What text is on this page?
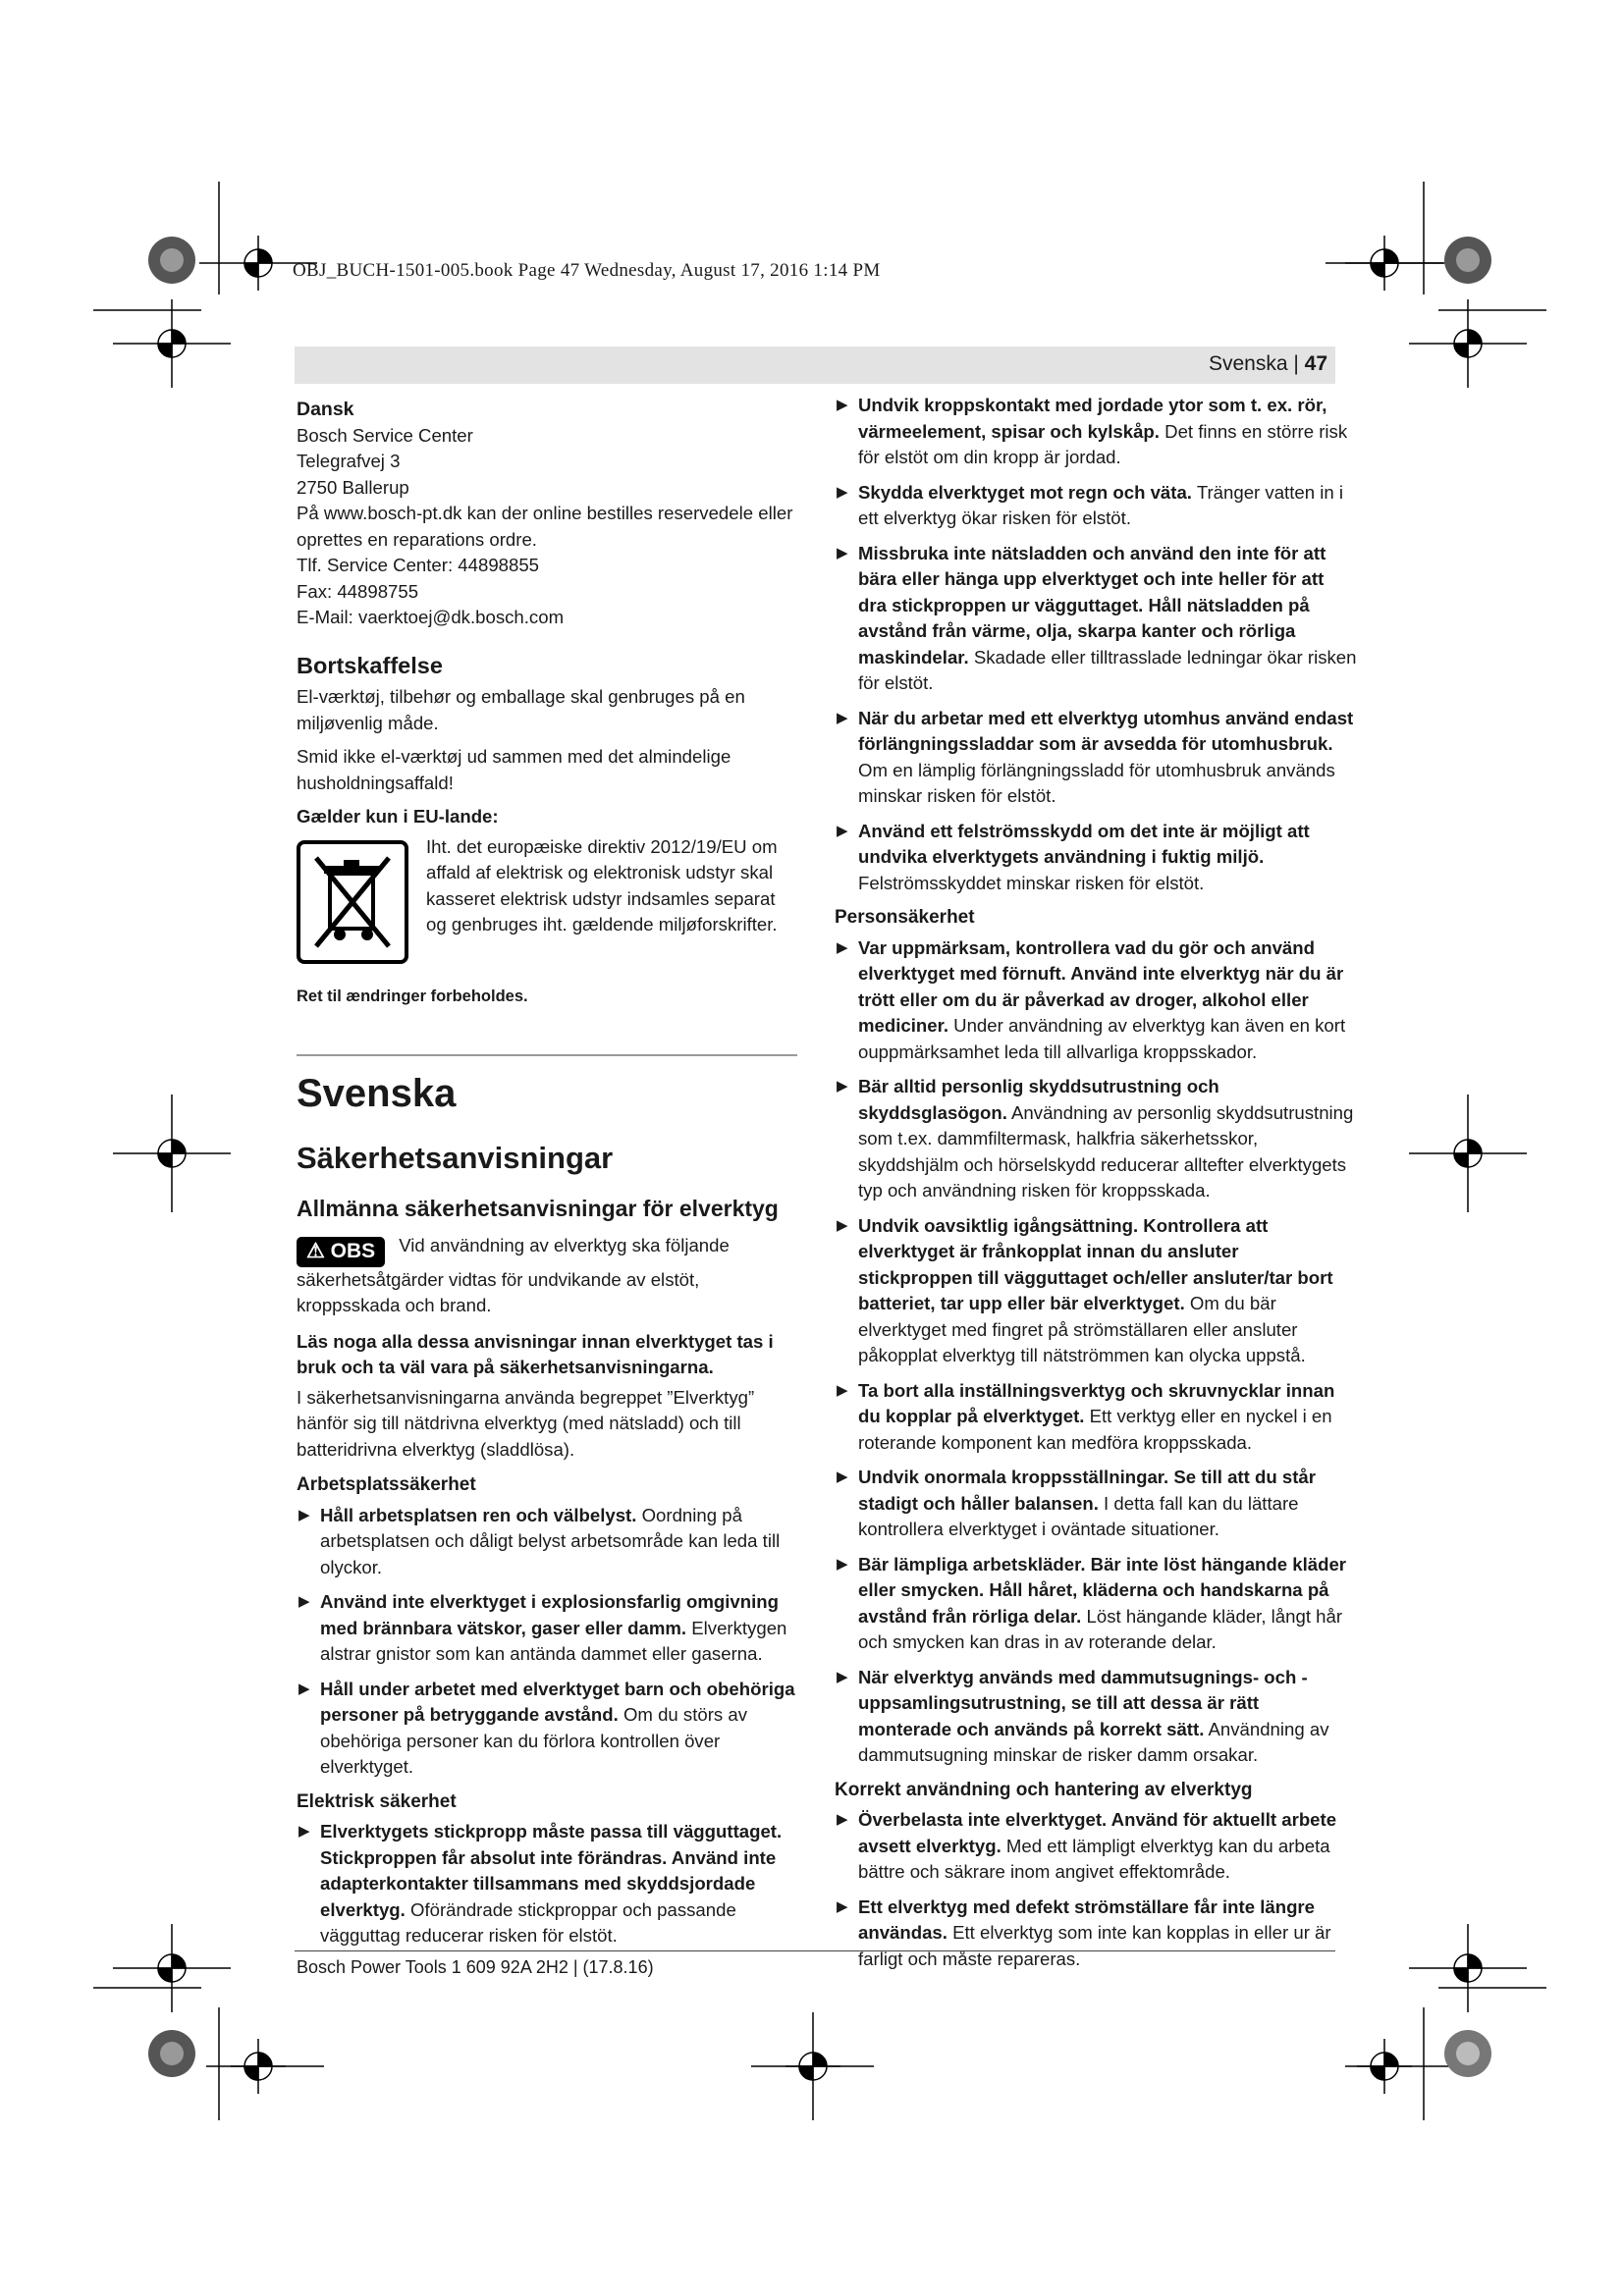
OBJ_BUCH-1501-005.book Page 47 Wednesday, August 17, 2016 1:14 PM
Svenska | 47

Dansk

Bosch Service Center

Telegrafvej 3

2750 Ballerup

På www.bosch-pt.dk kan der online bestilles reservedele eller oprettes en reparations ordre.

Tlf. Service Center: 44898855

Fax: 44898755

E-Mail: vaerktoej@dk.bosch.com

Bortskaffelse

El-værktøj, tilbehør og emballage skal genbruges på en miljøvenlig måde.

Smid ikke el-værktøj ud sammen med det almindelige husholdningsaffald!

Gælder kun i EU-lande:

Iht. det europæiske direktiv 2012/19/EU om affald af elektrisk og elektronisk udstyr skal kasseret elektrisk udstyr indsamles separat og genbruges iht. gældende miljøforskrifter.

Ret til ændringer forbeholdes.

Svenska

Säkerhetsanvisningar

Allmänna säkerhetsanvisningar för elverktyg

⚠ OBS Vid användning av elverktyg ska följande säkerhetsåtgärder vidtas för undvikande av elstöt, kroppsskada och brand.

Läs noga alla dessa anvisningar innan elverktyget tas i bruk och ta väl vara på säkerhetsanvisningarna.

I säkerhetsanvisningarna använda begreppet ”Elverktyg” hänför sig till nätdrivna elverktyg (med nätsladd) och till batteridrivna elverktyg (sladdlösa).

Arbetsplatssäkerhet

▶ Håll arbetsplatsen ren och välbelyst. Oordning på arbetsplatsen och dåligt belyst arbetsområde kan leda till olyckor.
▶ Använd inte elverktyget i explosionsfarlig omgivning med brännbara vätskor, gaser eller damm. Elverktygen alstrar gnistor som kan antända dammet eller gaserna.
▶ Håll under arbetet med elverktyget barn och obehöriga personer på betryggande avstånd. Om du störs av obehöriga personer kan du förlora kontrollen över elverktyget.

Elektrisk säkerhet

▶ Elverktygets stickpropp måste passa till vägguttaget. Stickproppen får absolut inte förändras. Använd inte adapterkontakter tillsammans med skyddsjordade elverktyg. Oförändrade stickproppar och passande vägguttag reducerar risken för elstöt.
▶ Undvik kroppskontakt med jordade ytor som t. ex. rör, värmeelement, spisar och kylskåp. Det finns en större risk för elstöt om din kropp är jordad.
▶ Skydda elverktyget mot regn och väta. Tränger vatten in i ett elverktyg ökar risken för elstöt.
▶ Missbruka inte nätsladden och använd den inte för att bära eller hänga upp elverktyget och inte heller för att dra stickproppen ur vägguttaget. Håll nätsladden på avstånd från värme, olja, skarpa kanter och rörliga maskindelar. Skadade eller tilltrasslade ledningar ökar risken för elstöt.
▶ När du arbetar med ett elverktyg utomhus använd endast förlängningssladdar som är avsedda för utomhusbruk. Om en lämplig förlängningssladd för utomhusbruk används minskar risken för elstöt.
▶ Använd ett felströmsskydd om det inte är möjligt att undvika elverktygets användning i fuktig miljö. Felströmsskyddet minskar risken för elstöt.

Personsäkerhet

▶ Var uppmärksam, kontrollera vad du gör och använd elverktyget med förnuft. Använd inte elverktyg när du är trött eller om du är påverkad av droger, alkohol eller mediciner. Under användning av elverktyg kan även en kort ouppmärksamhet leda till allvarliga kroppsskador.
▶ Bär alltid personlig skyddsutrustning och skyddsglasögon. Användning av personlig skyddsutrustning som t.ex. dammfiltermask, halkfria säkerhetsskor, skyddshjälm och hörselskydd reducerar alltefter elverktygets typ och användning risken för kroppsskada.
▶ Undvik oavsiktlig igångsättning. Kontrollera att elverktyget är frånkopplat innan du ansluter stickproppen till vägguttaget och/eller ansluter/tar bort batteriet, tar upp eller bär elverktyget. Om du bär elverktyget med fingret på strömställaren eller ansluter påkopplat elverktyg till nätströmmen kan olycka uppstå.
▶ Ta bort alla inställningsverktyg och skruvnycklar innan du kopplar på elverktyget. Ett verktyg eller en nyckel i en roterande komponent kan medföra kroppsskada.
▶ Undvik onormala kroppsställningar. Se till att du står stadigt och håller balansen. I detta fall kan du lättare kontrollera elverktyget i oväntade situationer.
▶ Bär lämpliga arbetskläder. Bär inte löst hängande kläder eller smycken. Håll håret, kläderna och handskarna på avstånd från rörliga delar. Löst hängande kläder, långt hår och smycken kan dras in av roterande delar.
▶ När elverktyg används med dammutsugnings- och -uppsamlingsutrustning, se till att dessa är rätt monterade och används på korrekt sätt. Användning av dammutsugning minskar de risker damm orsakar.

Korrekt användning och hantering av elverktyg

▶ Överbelasta inte elverktyget. Använd för aktuellt arbete avsett elverktyg. Med ett lämpligt elverktyg kan du arbeta bättre och säkrare inom angivet effektområde.
▶ Ett elverktyg med defekt strömställare får inte längre användas. Ett elverktyg som inte kan kopplas in eller ur är farligt och måste repareras.
Bosch Power Tools 1 609 92A 2H2 | (17.8.16)
